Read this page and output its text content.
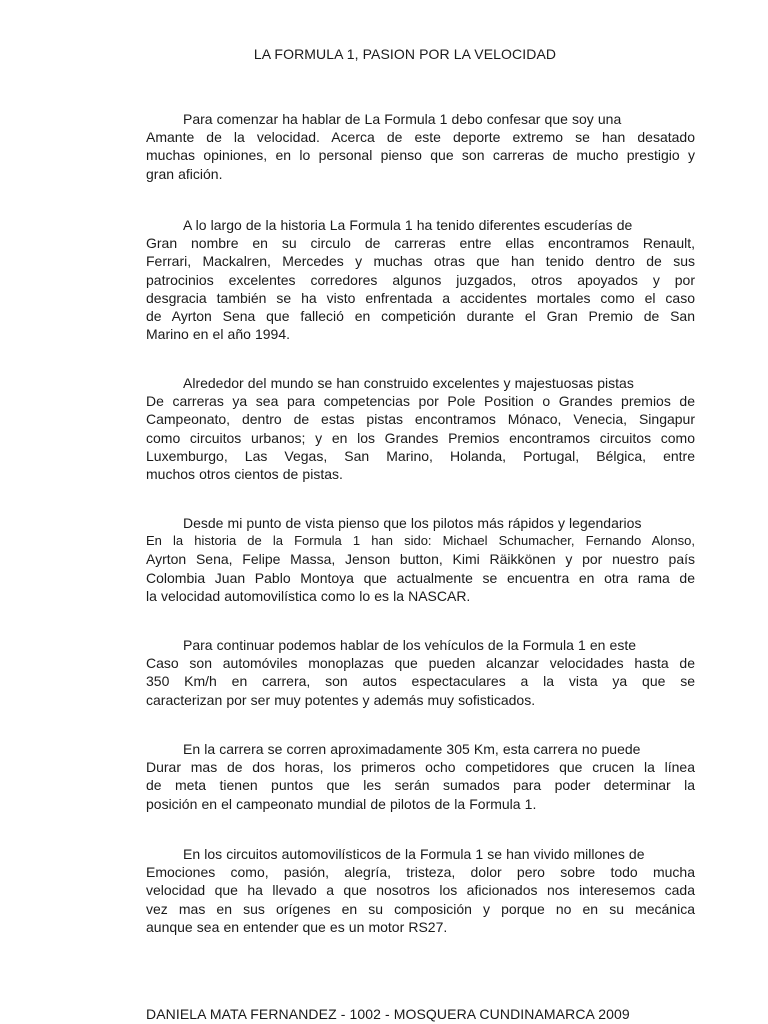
LA FORMULA 1, PASION POR LA VELOCIDAD
Para comenzar ha hablar de La Formula 1 debo confesar que soy una
Amante de la velocidad. Acerca de este deporte extremo se han desatado
muchas opiniones, en lo personal pienso que son carreras de mucho prestigio y
gran afición.
A lo largo de la historia La Formula 1 ha tenido diferentes escuderías de
Gran nombre en su circulo de carreras entre ellas encontramos Renault,
Ferrari, Mackalren, Mercedes y muchas otras que han tenido dentro de sus
patrocinios excelentes corredores algunos juzgados, otros apoyados y por
desgracia también se ha visto enfrentada a accidentes mortales como el caso
de Ayrton Sena que falleció en competición durante el Gran Premio de San
Marino en el año 1994.
Alrededor del mundo se han construido excelentes y majestuosas pistas
De carreras ya sea para competencias por Pole Position o Grandes premios de
Campeonato, dentro de estas pistas encontramos Mónaco, Venecia, Singapur
como circuitos urbanos; y en los Grandes Premios encontramos circuitos como
Luxemburgo, Las Vegas, San Marino, Holanda, Portugal, Bélgica, entre
muchos otros cientos de pistas.
Desde mi punto de vista pienso que los pilotos más rápidos y legendarios
En la historia de la Formula 1 han sido: Michael Schumacher, Fernando Alonso,
Ayrton Sena, Felipe Massa, Jenson button, Kimi Räikkönen y por nuestro país
Colombia Juan Pablo Montoya que actualmente se encuentra en otra rama de
la velocidad automovilística como lo es la NASCAR.
Para continuar podemos hablar de los vehículos de la Formula 1 en este
Caso son automóviles monoplazas que pueden alcanzar velocidades hasta de
350 Km/h en carrera, son autos espectaculares a la vista ya que se
caracterizan por ser muy potentes y además muy sofisticados.
En la carrera se corren aproximadamente 305 Km, esta carrera no puede
Durar mas de dos horas, los primeros ocho competidores que crucen la línea
de meta tienen puntos que les serán sumados para poder determinar la
posición en el campeonato mundial de pilotos de la Formula 1.
En los circuitos automovilísticos de la Formula 1 se han vivido millones de
Emociones como, pasión, alegría, tristeza, dolor pero sobre todo mucha
velocidad que ha llevado a que nosotros los aficionados nos interesemos cada
vez mas en sus orígenes en su composición y porque no en su mecánica
aunque sea en entender que es un motor RS27.
DANIELA MATA FERNANDEZ - 1002 - MOSQUERA CUNDINAMARCA 2009
